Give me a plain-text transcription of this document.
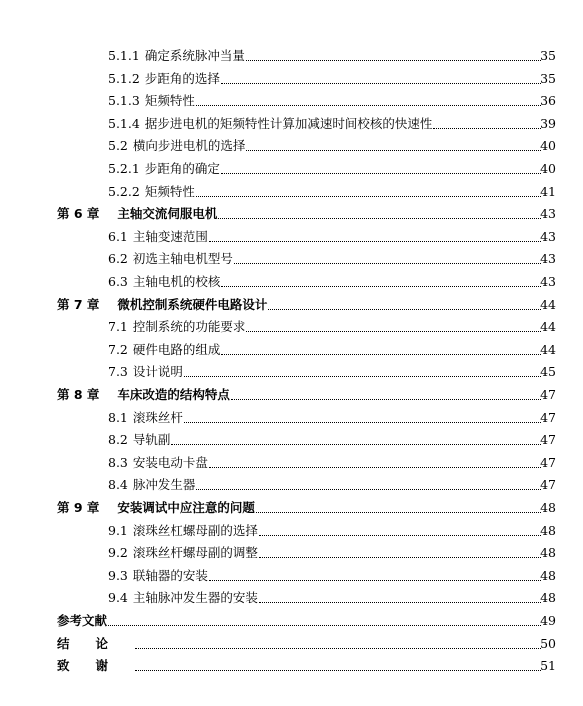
5.1.1 确定系统脉冲当量	35
5.1.2 步距角的选择	35
5.1.3 矩频特性	36
5.1.4 据步进电机的矩频特性计算加减速时间校核的快速性	39
5.2 横向步进电机的选择	40
5.2.1 步距角的确定	40
5.2.2 矩频特性	41
第 6 章 主轴交流伺服电机	43
6.1 主轴变速范围	43
6.2 初选主轴电机型号	43
6.3 主轴电机的校核	43
第 7 章 微机控制系统硬件电路设计	44
7.1 控制系统的功能要求	44
7.2 硬件电路的组成	44
7.3 设计说明	45
第 8 章 车床改造的结构特点	47
8.1 滚珠丝杆	47
8.2 导轨副	47
8.3 安装电动卡盘	47
8.4 脉冲发生器	47
第 9 章 安装调试中应注意的问题	48
9.1 滚珠丝杠螺母副的选择	48
9.2 滚珠丝杆螺母副的调整	48
9.3 联轴器的安装	48
9.4 主轴脉冲发生器的安装	48
参考文献	49
结论	50
致谢	51
